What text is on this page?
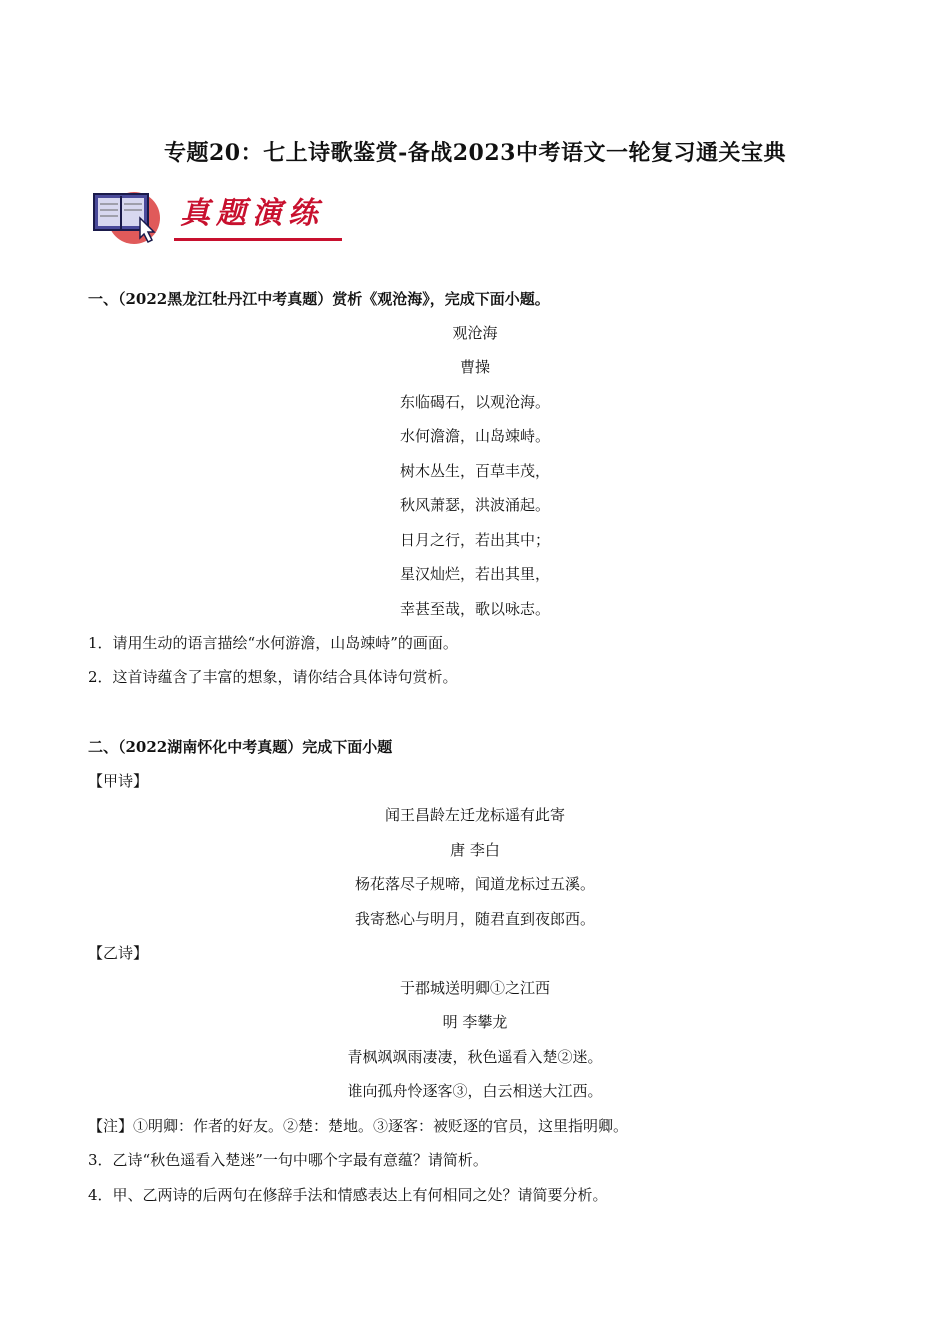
专题20：七上诗歌鉴赏-备战2023中考语文一轮复习通关宝典
真题演练
一、（2022黑龙江牡丹江中考真题）赏析《观沧海》，完成下面小题。
观沧海
曹操
东临碣石，以观沧海。
水何澹澹，山岛竦峙。
树木丛生，百草丰茂，
秋风萧瑟，洪波涌起。
日月之行，若出其中；
星汉灿烂，若出其里，
幸甚至哉，歌以咏志。
1．请用生动的语言描绘“水何游澹，山岛竦峙”的画面。
2．这首诗蕴含了丰富的想象，请你结合具体诗句赏析。
二、（2022湖南怀化中考真题）完成下面小题
【甲诗】
闻王昌龄左迁龙标遥有此寄
唐 李白
杨花落尽子规啼，闻道龙标过五溪。
我寄愁心与明月，随君直到夜郎西。
【乙诗】
于郡城送明卿①之江西
明 李攀龙
青枫飒飒雨凄凄，秋色遥看入楚②迷。
谁向孤舟怜逐客③，白云相送大江西。
【注】①明卿：作者的好友。②楚：楚地。③逐客：被贬逐的官员，这里指明卿。
3．乙诗“秋色遥看入楚迷”一句中哪个字最有意蕴？请简析。
4．甲、乙两诗的后两句在修辞手法和情感表达上有何相同之处？请简要分析。
